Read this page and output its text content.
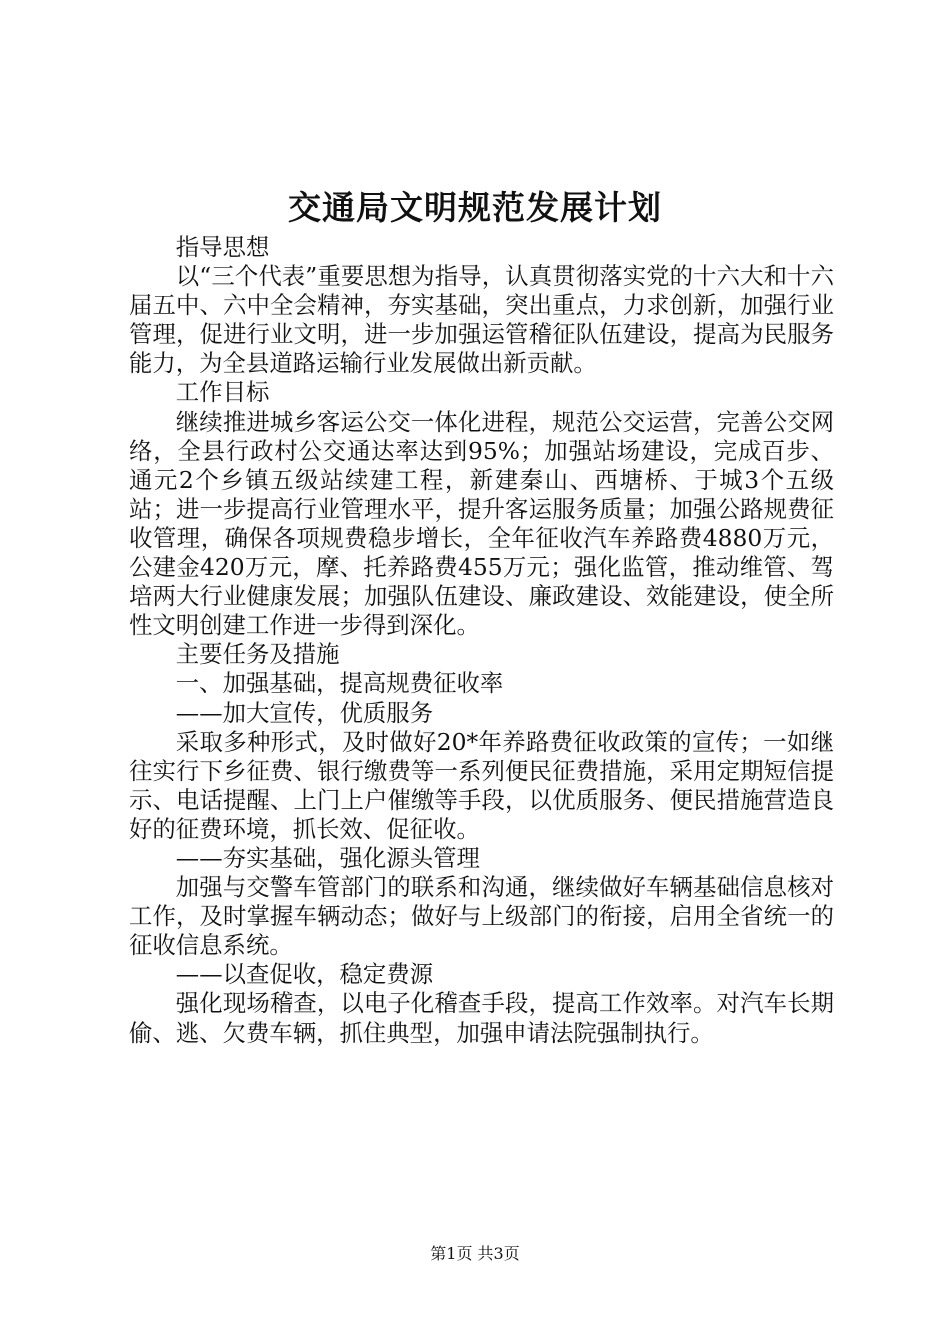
交通局文明规范发展计划

指导思想

以“三个代表”重要思想为指导，认真贯彻落实党的十六大和十六届五中、六中全会精神，夯实基础，突出重点，力求创新，加强行业管理，促进行业文明，进一步加强运管稽征队伍建设，提高为民服务能力，为全县道路运输行业发展做出新贡献。

工作目标

继续推进城乡客运公交一体化进程，规范公交运营，完善公交网络，全县行政村公交通达率达到95%；加强站场建设，完成百步、通元2个乡镇五级站续建工程，新建秦山、西塘桥、于城3个五级站；进一步提高行业管理水平，提升客运服务质量；加强公路规费征收管理，确保各项规费稳步增长，全年征收汽车养路费4880万元，公建金420万元，摩、托养路费455万元；强化监管，推动维管、驾培两大行业健康发展；加强队伍建设、廉政建设、效能建设，使全所性文明创建工作进一步得到深化。

主要任务及措施

一、加强基础，提高规费征收率

——加大宣传，优质服务

采取多种形式，及时做好20*年养路费征收政策的宣传；一如继往实行下乡征费、银行缴费等一系列便民征费措施，采用定期短信提示、电话提醒、上门上户催缴等手段，以优质服务、便民措施营造良好的征费环境，抓长效、促征收。

——夯实基础，强化源头管理

加强与交警车管部门的联系和沟通，继续做好车辆基础信息核对工作，及时掌握车辆动态；做好与上级部门的衔接，启用全省统一的征收信息系统。

——以查促收，稳定费源

强化现场稽查，以电子化稽查手段，提高工作效率。对汽车长期偷、逃、欠费车辆，抓住典型，加强申请法院强制执行。

第1页 共3页
